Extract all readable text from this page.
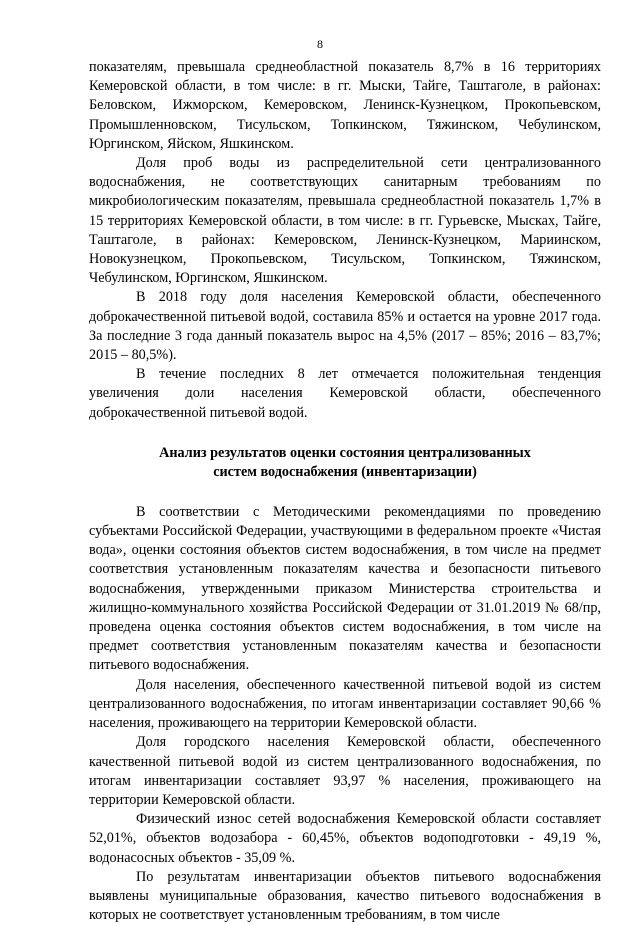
8

показателям, превышала среднеобластной показатель 8,7% в 16 территориях Кемеровской области, в том числе: в гг. Мыски, Тайге, Таштаголе, в районах: Беловском, Ижморском, Кемеровском, Ленинск-Кузнецком, Прокопьевском, Промышленновском, Тисульском, Топкинском, Тяжинском, Чебулинском, Юргинском, Яйском, Яшкинском.

Доля проб воды из распределительной сети централизованного водоснабжения, не соответствующих санитарным требованиям по микробиологическим показателям, превышала среднеобластной показатель 1,7% в 15 территориях Кемеровской области, в том числе: в гг. Гурьевске, Мысках, Тайге, Таштаголе, в районах: Кемеровском, Ленинск-Кузнецком, Мариинском, Новокузнецком, Прокопьевском, Тисульском, Топкинском, Тяжинском, Чебулинском, Юргинском, Яшкинском.

В 2018 году доля населения Кемеровской области, обеспеченного доброкачественной питьевой водой, составила 85% и остается на уровне 2017 года. За последние 3 года данный показатель вырос на 4,5% (2017 – 85%; 2016 – 83,7%; 2015 – 80,5%).

В течение последних 8 лет отмечается положительная тенденция увеличения доли населения Кемеровской области, обеспеченного доброкачественной питьевой водой.

Анализ результатов оценки состояния централизованных
систем водоснабжения (инвентаризации)

В соответствии с Методическими рекомендациями по проведению субъектами Российской Федерации, участвующими в федеральном проекте «Чистая вода», оценки состояния объектов систем водоснабжения, в том числе на предмет соответствия установленным показателям качества и безопасности питьевого водоснабжения, утвержденными приказом Министерства строительства и жилищно-коммунального хозяйства Российской Федерации от 31.01.2019 № 68/пр, проведена оценка состояния объектов систем водоснабжения, в том числе на предмет соответствия установленным показателям качества и безопасности питьевого водоснабжения.

Доля населения, обеспеченного качественной питьевой водой из систем централизованного водоснабжения, по итогам инвентаризации составляет 90,66 % населения, проживающего на территории Кемеровской области.

Доля городского населения Кемеровской области, обеспеченного качественной питьевой водой из систем централизованного водоснабжения, по итогам инвентаризации составляет 93,97 % населения, проживающего на территории Кемеровской области.

Физический износ сетей водоснабжения Кемеровской области составляет 52,01%, объектов водозабора - 60,45%, объектов водоподготовки - 49,19 %, водонасосных объектов - 35,09 %.

По результатам инвентаризации объектов питьевого водоснабжения выявлены муниципальные образования, качество питьевого водоснабжения в которых не соответствует установленным требованиям, в том числе
